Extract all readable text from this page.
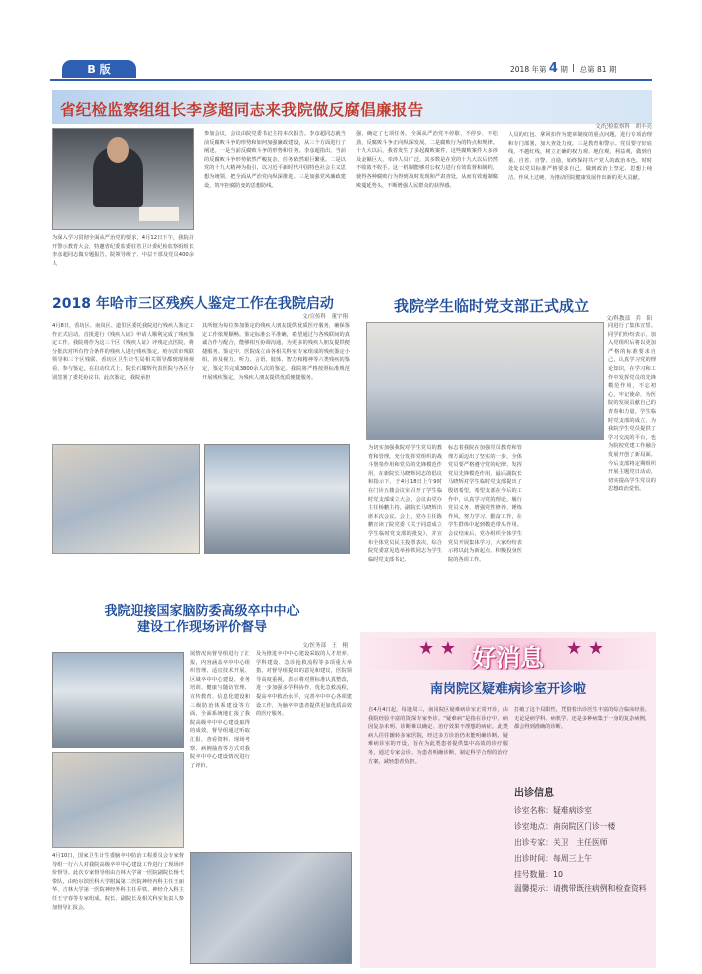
B 版	2018 年第 4 期 总第 81 期
省纪检监察组组长李彦超同志来我院做反腐倡廉报告
为深入学习贯彻全面从严治党的要求，4月12日下午，我院召开警示教育大会，特邀省纪委监委驻省卫计委纪检监察组组长李彦超同志做专题报告。院领导班子、中层干部及党员400余人
参加会议，会议由院党委书记主持本次报告。李彦超同志就当前反腐败斗争的形势和如何加强廉政建设，从三个方面进行了阐述。一是当前反腐败斗争的形势和任务。李彦超指出，当前的反腐败斗争形势依然严峻复杂，任务依然艰巨繁重。二是以党的十九大精神为指引，以习近平新时代中国特色社会主义思想为统领，把全面从严治党向纵深推进。三是加强党风廉政建设，筑牢拒腐防变的思想防线。
强，确定了七项任务。全面从严治党不停歇、不停步、不松劲，反腐败斗争正向纵深发展。二是腐败行为的特点和规律。十九大以后，我省发生了多起腐败案件，这些腐败案件大多涉及金额巨大，牵涉人员广泛，其多数是在党的十九大以后仍然不收敛不收手。这一机制能够对公权力进行有效监督和制约，使得各种腐败行为得到及时发现和严肃查处，从而有效遏制腐败蔓延势头，不断增强人民群众的获得感。
文/纪检监察科　胡丰亮
人员的红包、拿回扣作为建章制度的重点问题，进行专项治理和专门部署，加大查处力度。三是教育和警示。党员要守好底线，不越红线，树立正确的权力观、地位观、利益观，做到自重、自省、自警、自励，始终保持共产党人的政治本色。时时处处以党员标准严格要求自己，做到政治上坚定、思想上纯洁、作风上过硬，为推动医院健康发展作出新的更大贡献。
2018 年哈市三区残疾人鉴定工作在我院启动
文/宣传科　董宇翔
4月8日，香坊区、南岗区、道里区委托我院进行残疾人鉴定工作正式启动。首批进行《残疾人证》申请人顺利完成了残疾鉴定工作。我院将作为这三个区《残疾人证》评残定点医院，将分批次对所有符合条件的残疾人进行残疾鉴定。哈尔滨市残联领导和三个区残联、香坊区卫生计生局相关领导都到现场观看，参与鉴定。在启动仪式上，院长石耀辉代表医院与各区分别签署了委托协议书，此次鉴定，我院承担
其所辖为每位参加鉴定的残疾人朋友提供优质医疗服务，确保鉴定工作依规顺畅。鉴定标准公平准确，希望通过与各残联间的真诚合作与配合，能够相互协调沟通，为更多的残疾人朋友提供便捷服务。鉴定中，医院成立由各相关科室专家组成的残疾鉴定小组，涉及视力、听力、言语、肢体、智力和精神等六类残疾的鉴定，鉴定共完成3800余人次的鉴定。我院将严格按照标准规范开展残疾鉴定，为残疾人朋友提供优质便捷服务。
我院学生临时党支部正式成立
文/科教部　乔　阳
同进行了集体宣誓。同学们纷纷表示，加入党组织后将以更加严格的标准要求自己，认真学习党的理论知识，在学习和工作中发挥党员的先锋模范作用，不忘初心，牢记使命，为医院的发展贡献自己的青春和力量。学生临时党支部的成立，为我院学生党员提供了学习交流的平台，也为院校党建工作融合发展开创了新局面。今后支部将定期组织开展主题党日活动，切实提高学生党员的思想政治觉悟。
为切实加强我院对学生党员的教育和管理，充分发挥党组织的战斗堡垒作用和党员的先锋模范作用，在新院长马晓辉同志的倡议和指示下，于4月18日上午9时在门诊五楼会议室召开了学生临时党支部成立大会，会议由党办主任杨鹏主持，副院长马晓辉出席本次会议。会上，党办主任陈鹏宣读了院党委《关于同意成立学生临时党支部的批复》，并宣布全体党员民主投票表决，综合院党委意见选举孙铁同志为学生临时党支部书记。
标志着我院在加强党员教育和管理方面迈出了坚实的一步。全体党员要严格遵守党的纪律，发挥党员先锋模范作用。最后副院长马晓辉对学生临时党支部提出了殷切希望，希望支部在今后的工作中，认真学习党的理论，履行党员义务，增强党性修养，锤炼作风，努力学习、勤奋工作，在学生群体中起到模范带头作用。会议结束后，党办组织全体学生党员开展集体学习，大家纷纷表示将以此为新起点，积极投身医院的各项工作。
我院迎接国家脑防委高级卒中中心
建设工作现场评价督导
文/医务部　王　栩
4月10日，国家卫生计生委脑卒中防治工程委员会专家督导组一行六人对我院高级卒中中心建设工作进行了现场评价督导。此次专家督导组由吉林大学第一医院副院长杨弋带队，由哈尔滨医科大学附属第二医院神经内科主任王丽华、吉林大学第一医院神经外科主任乔铁、神经介入科主任王守春等专家组成。院长、副院长及相关科室负责人参加督导汇报会。
展情况向督导组进行了汇报，内容涵盖卒中中心组织管理、适宜技术开展、区域卒中中心建设、业务培训、健康与随访管理、宣传教育、信息化建设和三级防治体系建设等方面，全面系统地汇报了我院高级卒中中心建设取得的成效。督导组通过听取汇报、查看资料、现场考察、病例抽查等方式对我院卒中中心建设情况进行了评价。
及为推进卒中中心建设采取的人才培养、学科建设、急诊抢救流程等多项重大举措。对督导组提出的意见和建议，医院领导高度重视，表示将对照标准认真整改，进一步加强多学科协作，优化急救流程，提高卒中救治水平，完善卒中中心各项建设工作，为脑卒中患者提供更加优质高效的医疗服务。
★ ★ 好消息	★ ★
南岗院区疑难病诊室开诊啦
自4月4日起，每逢周三，南岗院区疑难病诊室正常开诊，由我院经验丰富的资深专家坐诊。“疑难病”是指在诊疗中，病因复杂未明、诊断难以确定、治疗效果不理想的病症。此类病人往往辗转多家医院，经过多方诊治仍未能明确诊断。疑难病诊室的开设，旨在为此类患者提供集中高效的诊疗服务，通过专家会诊，为患者明确诊断，制定科学合理的治疗方案，减轻患者负担。
打破了这个局限性，凭借着出诊医生丰富的综合临床经验、无论是病学科、病机学、还是多种病集于一身的复杂病例，都会得到准确的诊断。
出诊信息
诊室名称：疑难病诊室
诊室地点：南岗院区门诊一楼
出诊专家：关卫　主任医师
出诊时间：每周三上午
挂号数量：10
温馨提示：请携带既往病例和检查资料
